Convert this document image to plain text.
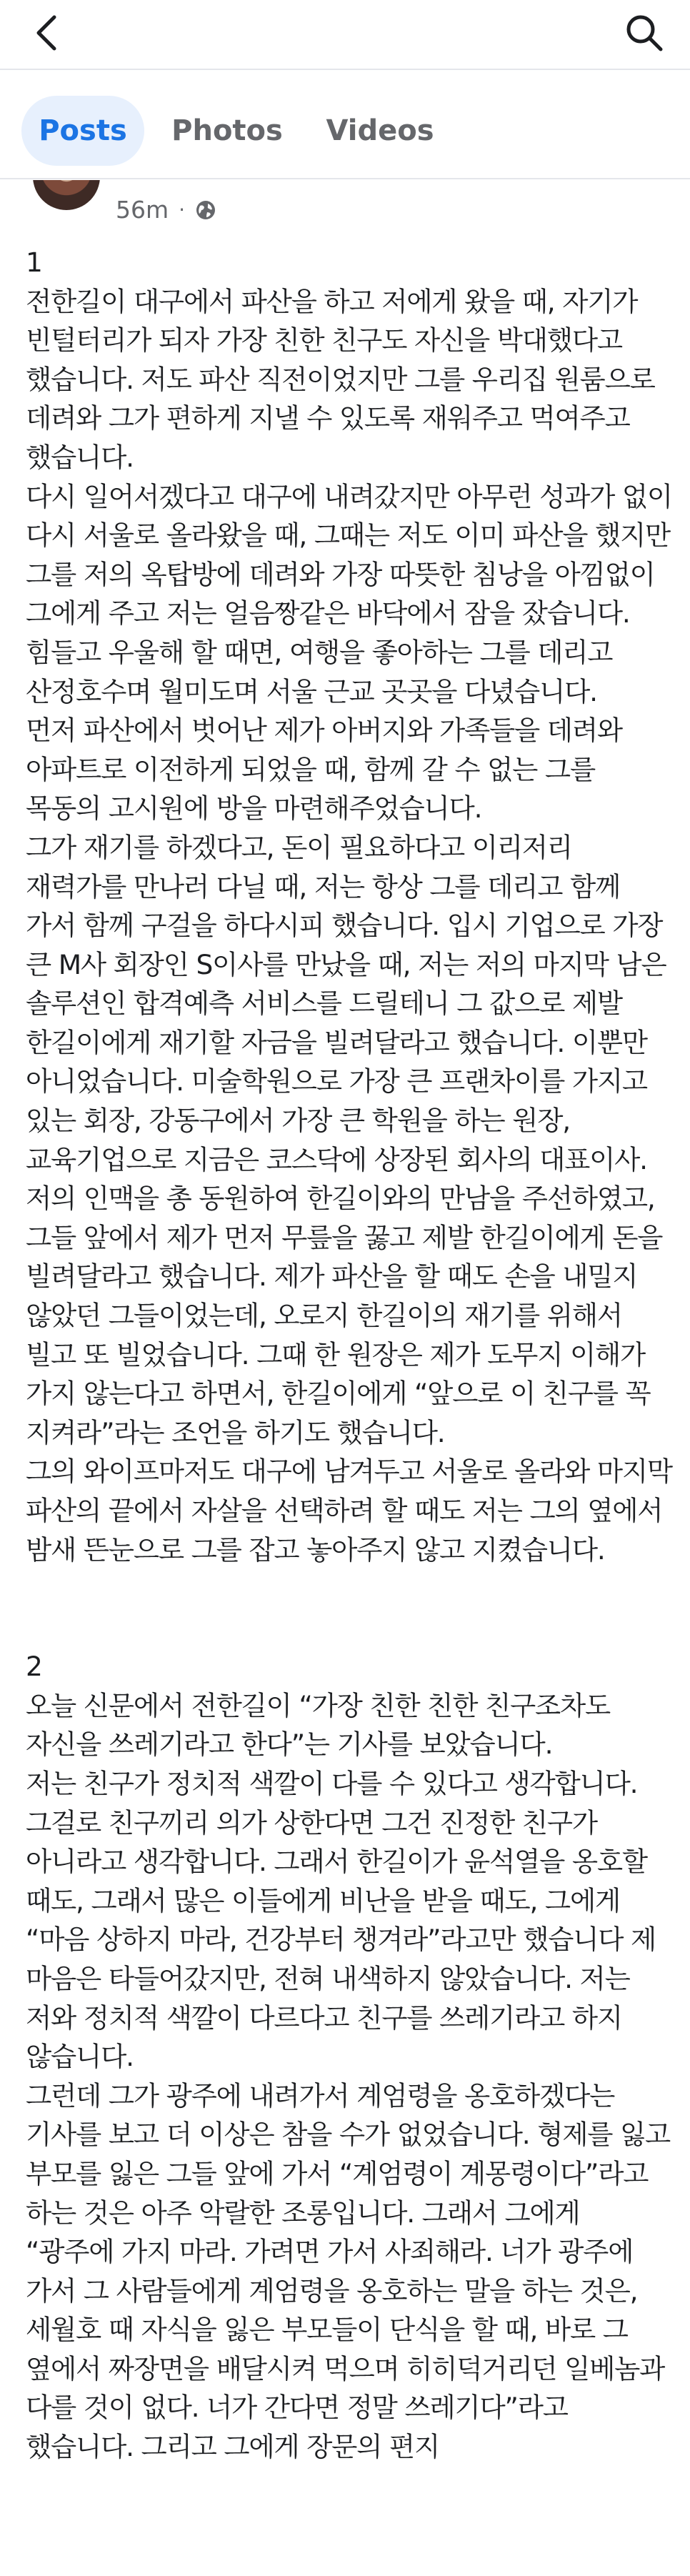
Posts Photos Videos
56m ·
1
전한길이 대구에서 파산을 하고 저에게 왔을 때, 자기가 빈털터리가 되자 가장 친한 친구도 자신을 박대했다고 했습니다. 저도 파산 직전이었지만 그를 우리집 원룸으로 데려와 그가 편하게 지낼 수 있도록 재워주고 먹여주고 했습니다.
다시 일어서겠다고 대구에 내려갔지만 아무런 성과가 없이 다시 서울로 올라왔을 때, 그때는 저도 이미 파산을 했지만 그를 저의 옥탑방에 데려와 가장 따뜻한 침낭을 아낌없이 그에게 주고 저는 얼음짱같은 바닥에서 잠을 잤습니다.
힘들고 우울해 할 때면, 여행을 좋아하는 그를 데리고 산정호수며 월미도며 서울 근교 곳곳을 다녔습니다.
먼저 파산에서 벗어난 제가 아버지와 가족들을 데려와 아파트로 이전하게 되었을 때, 함께 갈 수 없는 그를 목동의 고시원에 방을 마련해주었습니다.
그가 재기를 하겠다고, 돈이 필요하다고 이리저리 재력가를 만나러 다닐 때, 저는 항상 그를 데리고 함께 가서 함께 구걸을 하다시피 했습니다. 입시 기업으로 가장 큰 M사 회장인 S이사를 만났을 때, 저는 저의 마지막 남은 솔루션인 합격예측 서비스를 드릴테니 그 값으로 제발 한길이에게 재기할 자금을 빌려달라고 했습니다. 이뿐만 아니었습니다. 미술학원으로 가장 큰 프랜차이를 가지고 있는 회장, 강동구에서 가장 큰 학원을 하는 원장, 교육기업으로 지금은 코스닥에 상장된 회사의 대표이사. 저의 인맥을 총 동원하여 한길이와의 만남을 주선하였고, 그들 앞에서 제가 먼저 무릎을 꿇고 제발 한길이에게 돈을 빌려달라고 했습니다. 제가 파산을 할 때도 손을 내밀지 않았던 그들이었는데, 오로지 한길이의 재기를 위해서 빌고 또 빌었습니다. 그때 한 원장은 제가 도무지 이해가 가지 않는다고 하면서, 한길이에게 “앞으로 이 친구를 꼭 지켜라”라는 조언을 하기도 했습니다.
그의 와이프마저도 대구에 남겨두고 서울로 올라와 마지막 파산의 끝에서 자살을 선택하려 할 때도 저는 그의 옆에서 밤새 뜬눈으로 그를 잡고 놓아주지 않고 지켰습니다.
2
오늘 신문에서 전한길이 “가장 친한 친한 친구조차도 자신을 쓰레기라고 한다”는 기사를 보았습니다.
저는 친구가 정치적 색깔이 다를 수 있다고 생각합니다. 그걸로 친구끼리 의가 상한다면 그건 진정한 친구가 아니라고 생각합니다. 그래서 한길이가 윤석열을 옹호할 때도, 그래서 많은 이들에게 비난을 받을 때도, 그에게 “마음 상하지 마라, 건강부터 챙겨라”라고만 했습니다 제 마음은 타들어갔지만, 전혀 내색하지 않았습니다. 저는 저와 정치적 색깔이 다르다고 친구를 쓰레기라고 하지 않습니다.
그런데 그가 광주에 내려가서 계엄령을 옹호하겠다는 기사를 보고 더 이상은 참을 수가 없었습니다. 형제를 잃고 부모를 잃은 그들 앞에 가서 “계엄령이 계몽령이다”라고 하는 것은 아주 악랄한 조롱입니다. 그래서 그에게 “광주에 가지 마라. 가려면 가서 사죄해라. 너가 광주에 가서 그 사람들에게 계엄령을 옹호하는 말을 하는 것은, 세월호 때 자식을 잃은 부모들이 단식을 할 때, 바로 그 옆에서 짜장면을 배달시켜 먹으며 히히덕거리던 일베놈과 다를 것이 없다. 너가 간다면 정말 쓰레기다”라고 했습니다. 그리고 그에게 장문의 편지
